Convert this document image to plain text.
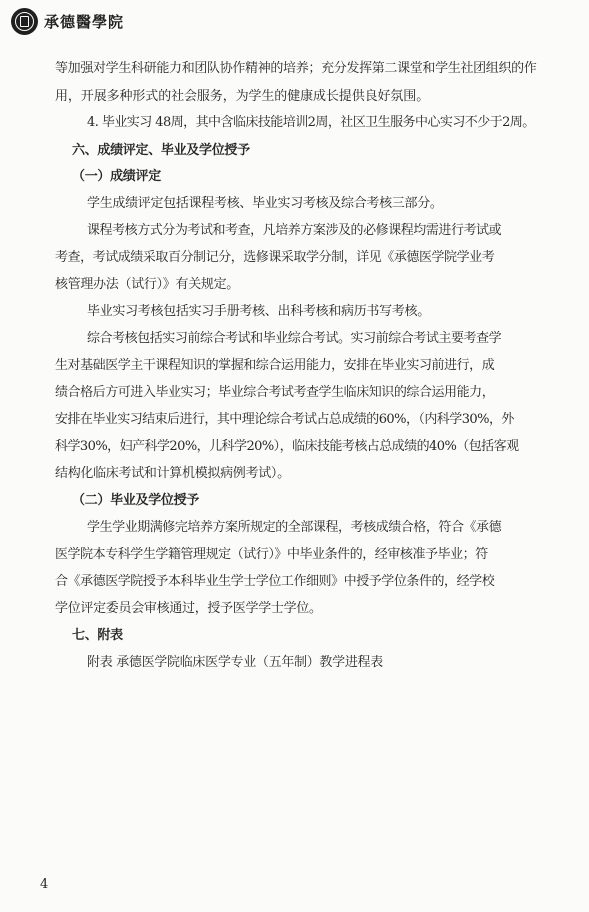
承德醫學院
等加强对学生科研能力和团队协作精神的培养；充分发挥第二课堂和学生社团组织的作
用，开展多种形式的社会服务，为学生的健康成长提供良好氛围。
4. 毕业实习 48周，其中含临床技能培训2周，社区卫生服务中心实习不少于2周。
六、成绩评定、毕业及学位授予
（一）成绩评定
学生成绩评定包括课程考核、毕业实习考核及综合考核三部分。
课程考核方式分为考试和考查，凡培养方案涉及的必修课程均需进行考试或
考查，考试成绩采取百分制记分，选修课采取学分制，详见《承德医学院学业考
核管理办法（试行）》有关规定。
毕业实习考核包括实习手册考核、出科考核和病历书写考核。
综合考核包括实习前综合考试和毕业综合考试。实习前综合考试主要考查学
生对基础医学主干课程知识的掌握和综合运用能力，安排在毕业实习前进行，成
绩合格后方可进入毕业实习；毕业综合考试考查学生临床知识的综合运用能力，
安排在毕业实习结束后进行，其中理论综合考试占总成绩的60%，（内科学30%，外
科学30%，妇产科学20%，儿科学20%），临床技能考核占总成绩的40%（包括客观
结构化临床考试和计算机模拟病例考试）。
（二）毕业及学位授予
学生学业期满修完培养方案所规定的全部课程，考核成绩合格，符合《承德
医学院本专科学生学籍管理规定（试行）》中毕业条件的，经审核准予毕业；符
合《承德医学院授予本科毕业生学士学位工作细则》中授予学位条件的，经学校
学位评定委员会审核通过，授予医学学士学位。
七、附表
附表 承德医学院临床医学专业（五年制）教学进程表
4
